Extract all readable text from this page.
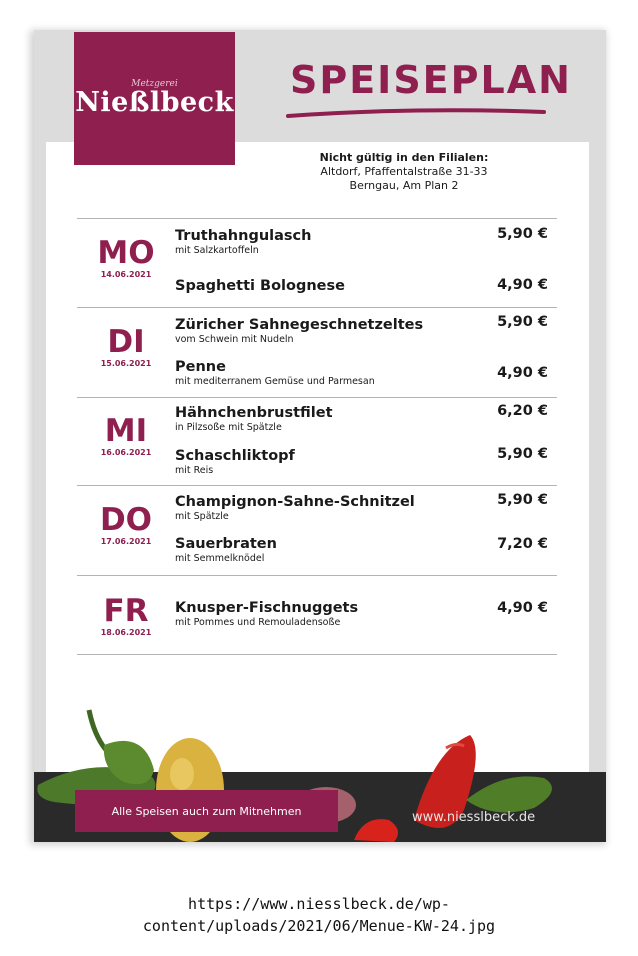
Metzgerei
Nießlbeck
SPEISEPLAN
Nicht gültig in den Filialen:
Altdorf, Pfaffentalstraße 31-33
Berngau, Am Plan 2
MO
14.06.2021
Truthahngulasch
mit Salzkartoffeln
5,90 €
Spaghetti Bolognese	4,90 €
DI
15.06.2021
Züricher Sahnegeschnetzeltes
vom Schwein mit Nudeln
5,90 €
Penne
mit mediterranem Gemüse und Parmesan
4,90 €
MI
16.06.2021
Hähnchenbrustfilet
in Pilzsoße mit Spätzle
6,20 €
Schaschliktopf
mit Reis
5,90 €
DO
17.06.2021
Champignon-Sahne-Schnitzel
mit Spätzle
5,90 €
Sauerbraten
mit Semmelknödel
7,20 €
FR
18.06.2021
Knusper-Fischnuggets
mit Pommes und Remouladensoße
4,90 €
Alle Speisen auch zum Mitnehmen	www.niesslbeck.de
https://www.niesslbeck.de/wp-
content/uploads/2021/06/Menue-KW-24.jpg
